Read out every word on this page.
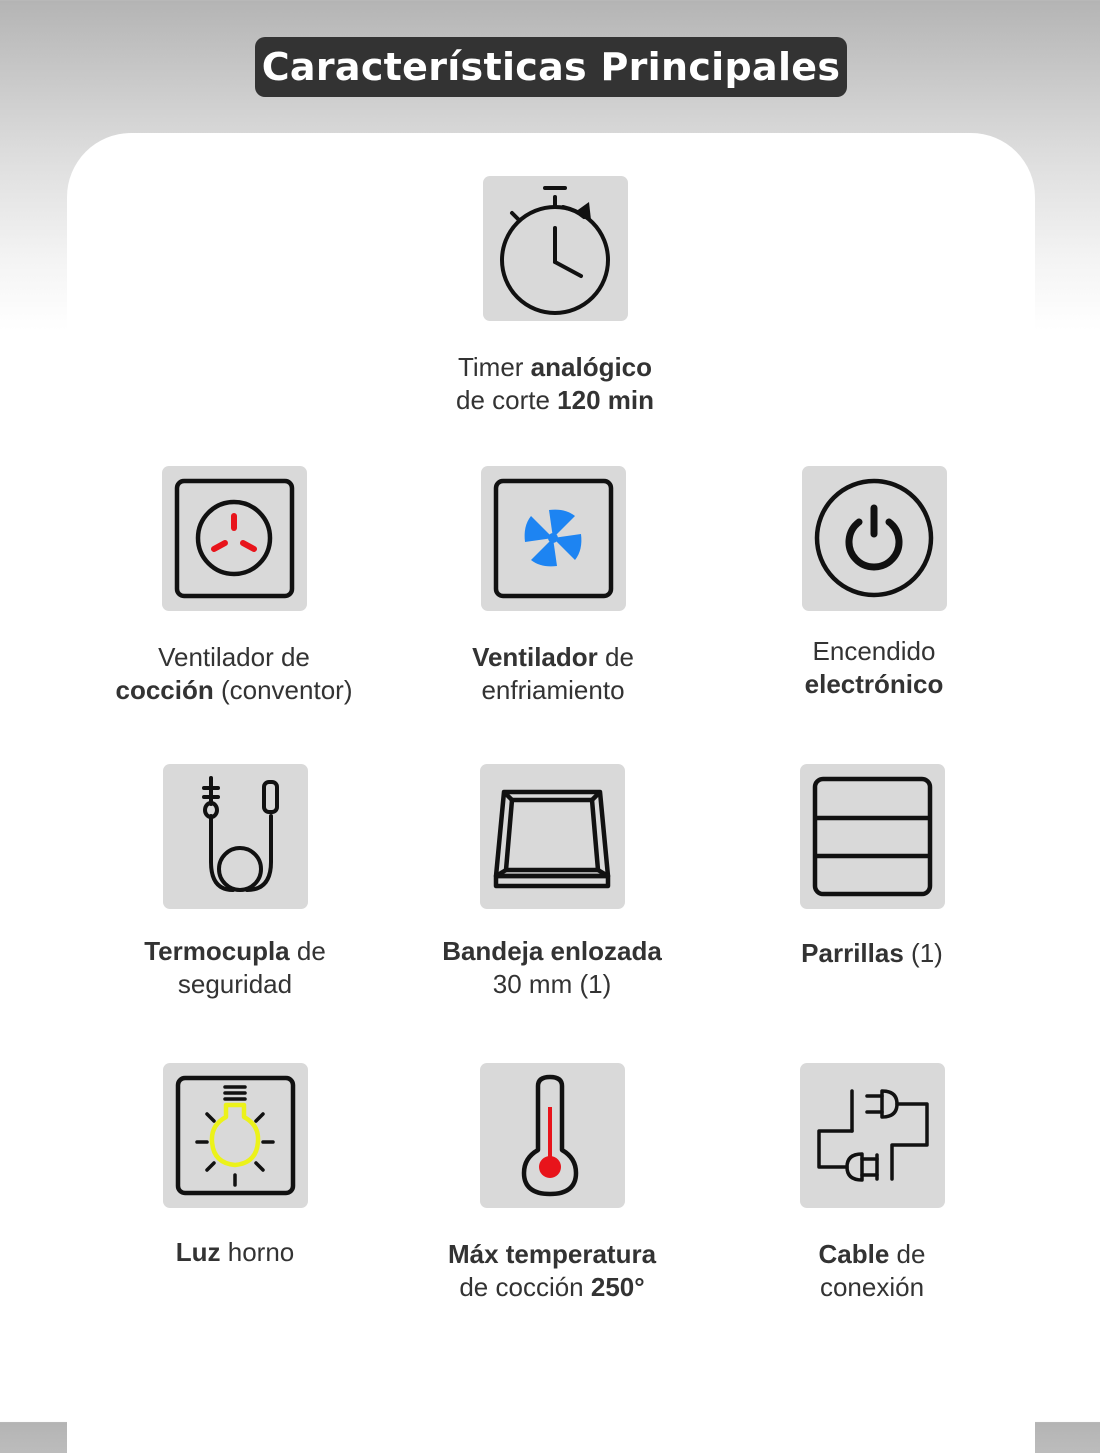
Características Principales
Timer analógico
de corte 120 min
Ventilador de
cocción (conventor)
Ventilador de
enfriamiento
Encendido
electrónico
Termocupla de
seguridad
Bandeja enlozada
30 mm (1)
Parrillas (1)
Luz horno	Máx temperatura
de cocción 250°
Cable de
conexión
